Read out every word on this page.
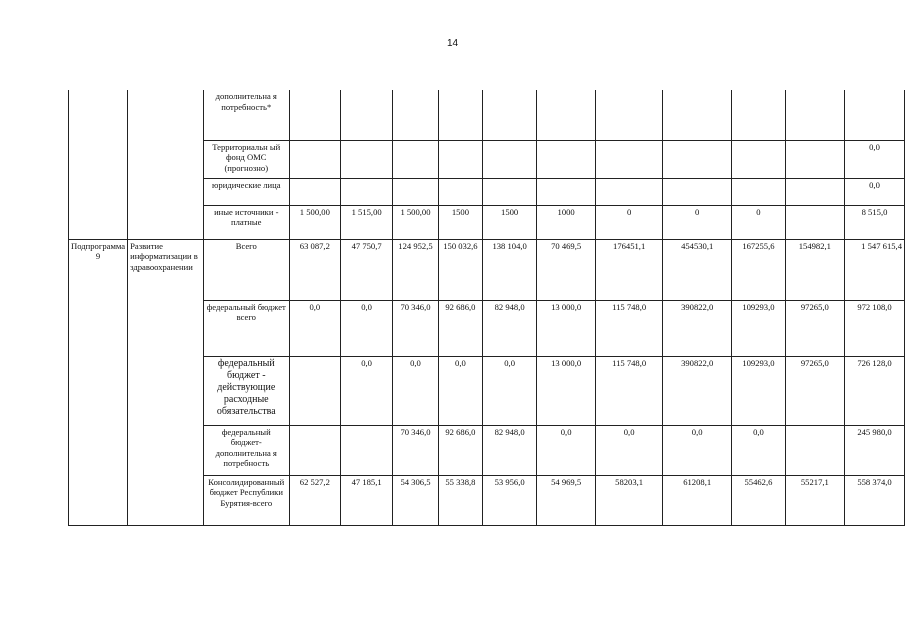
14
		дополнительна я потребность*											
		Территориальн ый фонд ОМС (прогнозно)											0,0
		юридические лица											0,0
		иные источники - платные	1 500,00	1 515,00	1 500,00	1500	1500	1000	0	0	0		8 515,0
Подпрограмма 9	Развитие информатизации в здравоохранении	Всего	63 087,2	47 750,7	124 952,5	150 032,6	138 104,0	70 469,5	176451,1	454530,1	167255,6	154982,1	1 547 615,4
		федеральный бюджет всего	0,0	0,0	70 346,0	92 686,0	82 948,0	13 000,0	115 748,0	390822,0	109293,0	97265,0	972 108,0
		федеральный бюджет - действующие расходные обязательства		0,0	0,0	0,0	0,0	13 000,0	115 748,0	390822,0	109293,0	97265,0	726 128,0
		федеральный бюджет-дополнительна я потребность			70 346,0	92 686,0	82 948,0	0,0	0,0	0,0	0,0		245 980,0
		Консолидированный бюджет Республики Бурятия-всего	62 527,2	47 185,1	54 306,5	55 338,8	53 956,0	54 969,5	58203,1	61208,1	55462,6	55217,1	558 374,0
